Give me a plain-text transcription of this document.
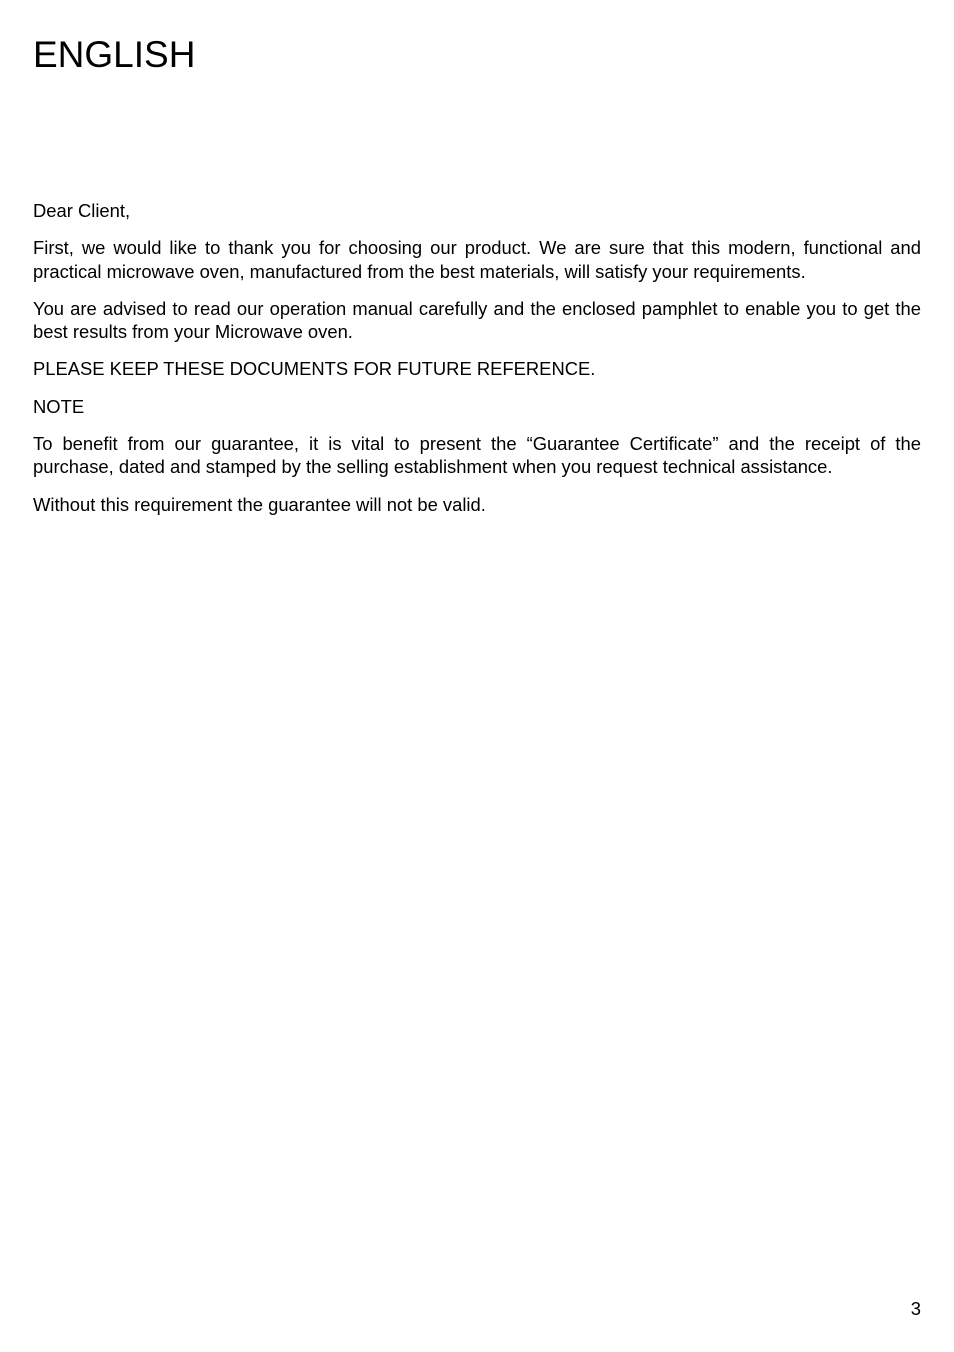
ENGLISH

Dear Client,

First, we would like to thank you for choosing our product. We are sure that this modern, functional and practical microwave oven, manufactured from the best materials, will satisfy your requirements.

You are advised to read our operation manual carefully and the enclosed pamphlet to enable you to get the best results from your Microwave oven.

PLEASE KEEP THESE DOCUMENTS FOR FUTURE REFERENCE.

NOTE

To benefit from our guarantee, it is vital to present the “Guarantee Certificate” and the receipt of the purchase, dated and stamped by the selling establishment when you request technical assistance.

Without this requirement the guarantee will not be valid.

3
